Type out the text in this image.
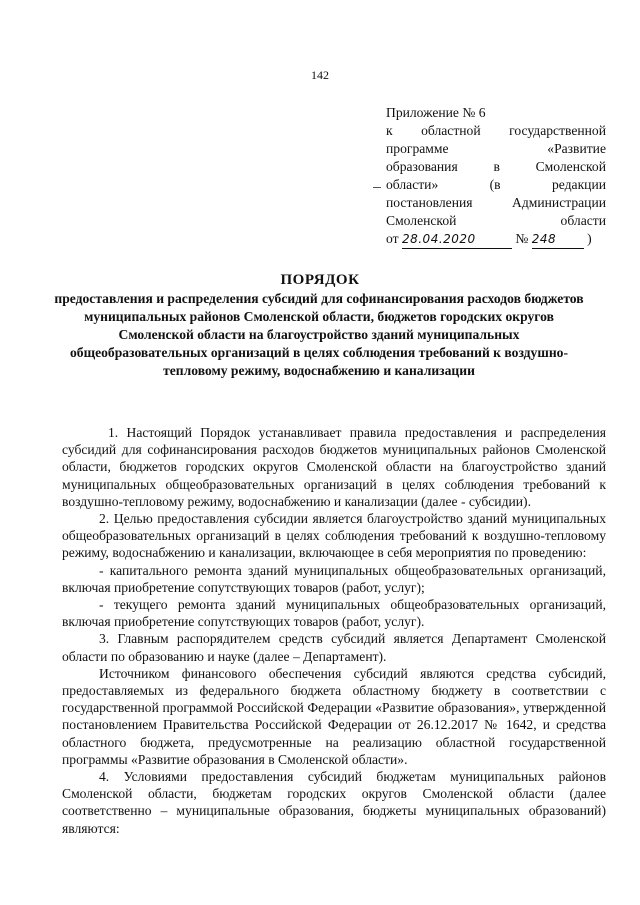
142
Приложение № 6
к областной государственной
программе «Развитие
образования в Смоленской
области» (в редакции
постановления Администрации
Смоленской области
от 28.04.2020	№ 248 )
ПОРЯДОК
предоставления и распределения субсидий для софинансирования расходов бюджетов муниципальных районов Смоленской области, бюджетов городских округов Смоленской области на благоустройство зданий муниципальных общеобразовательных организаций в целях соблюдения требований к воздушно-тепловому режиму, водоснабжению и канализации

1. Настоящий Порядок устанавливает правила предоставления и распределения субсидий для софинансирования расходов бюджетов муниципальных районов Смоленской области, бюджетов городских округов Смоленской области на благоустройство зданий муниципальных общеобразовательных организаций в целях соблюдения требований к воздушно-тепловому режиму, водоснабжению и канализации (далее - субсидии).

2. Целью предоставления субсидии является благоустройство зданий муниципальных общеобразовательных организаций в целях соблюдения требований к воздушно-тепловому режиму, водоснабжению и канализации, включающее в себя мероприятия по проведению:

- капитального ремонта зданий муниципальных общеобразовательных организаций, включая приобретение сопутствующих товаров (работ, услуг);

- текущего ремонта зданий муниципальных общеобразовательных организаций, включая приобретение сопутствующих товаров (работ, услуг).

3. Главным распорядителем средств субсидий является Департамент Смоленской области по образованию и науке (далее – Департамент).

Источником финансового обеспечения субсидий являются средства субсидий, предоставляемых из федерального бюджета областному бюджету в соответствии с государственной программой Российской Федерации «Развитие образования», утвержденной постановлением Правительства Российской Федерации от 26.12.2017 № 1642, и средства областного бюджета, предусмотренные на реализацию областной государственной программы «Развитие образования в Смоленской области».

4. Условиями предоставления субсидий бюджетам муниципальных районов Смоленской области, бюджетам городских округов Смоленской области (далее соответственно – муниципальные образования, бюджеты муниципальных образований) являются:
